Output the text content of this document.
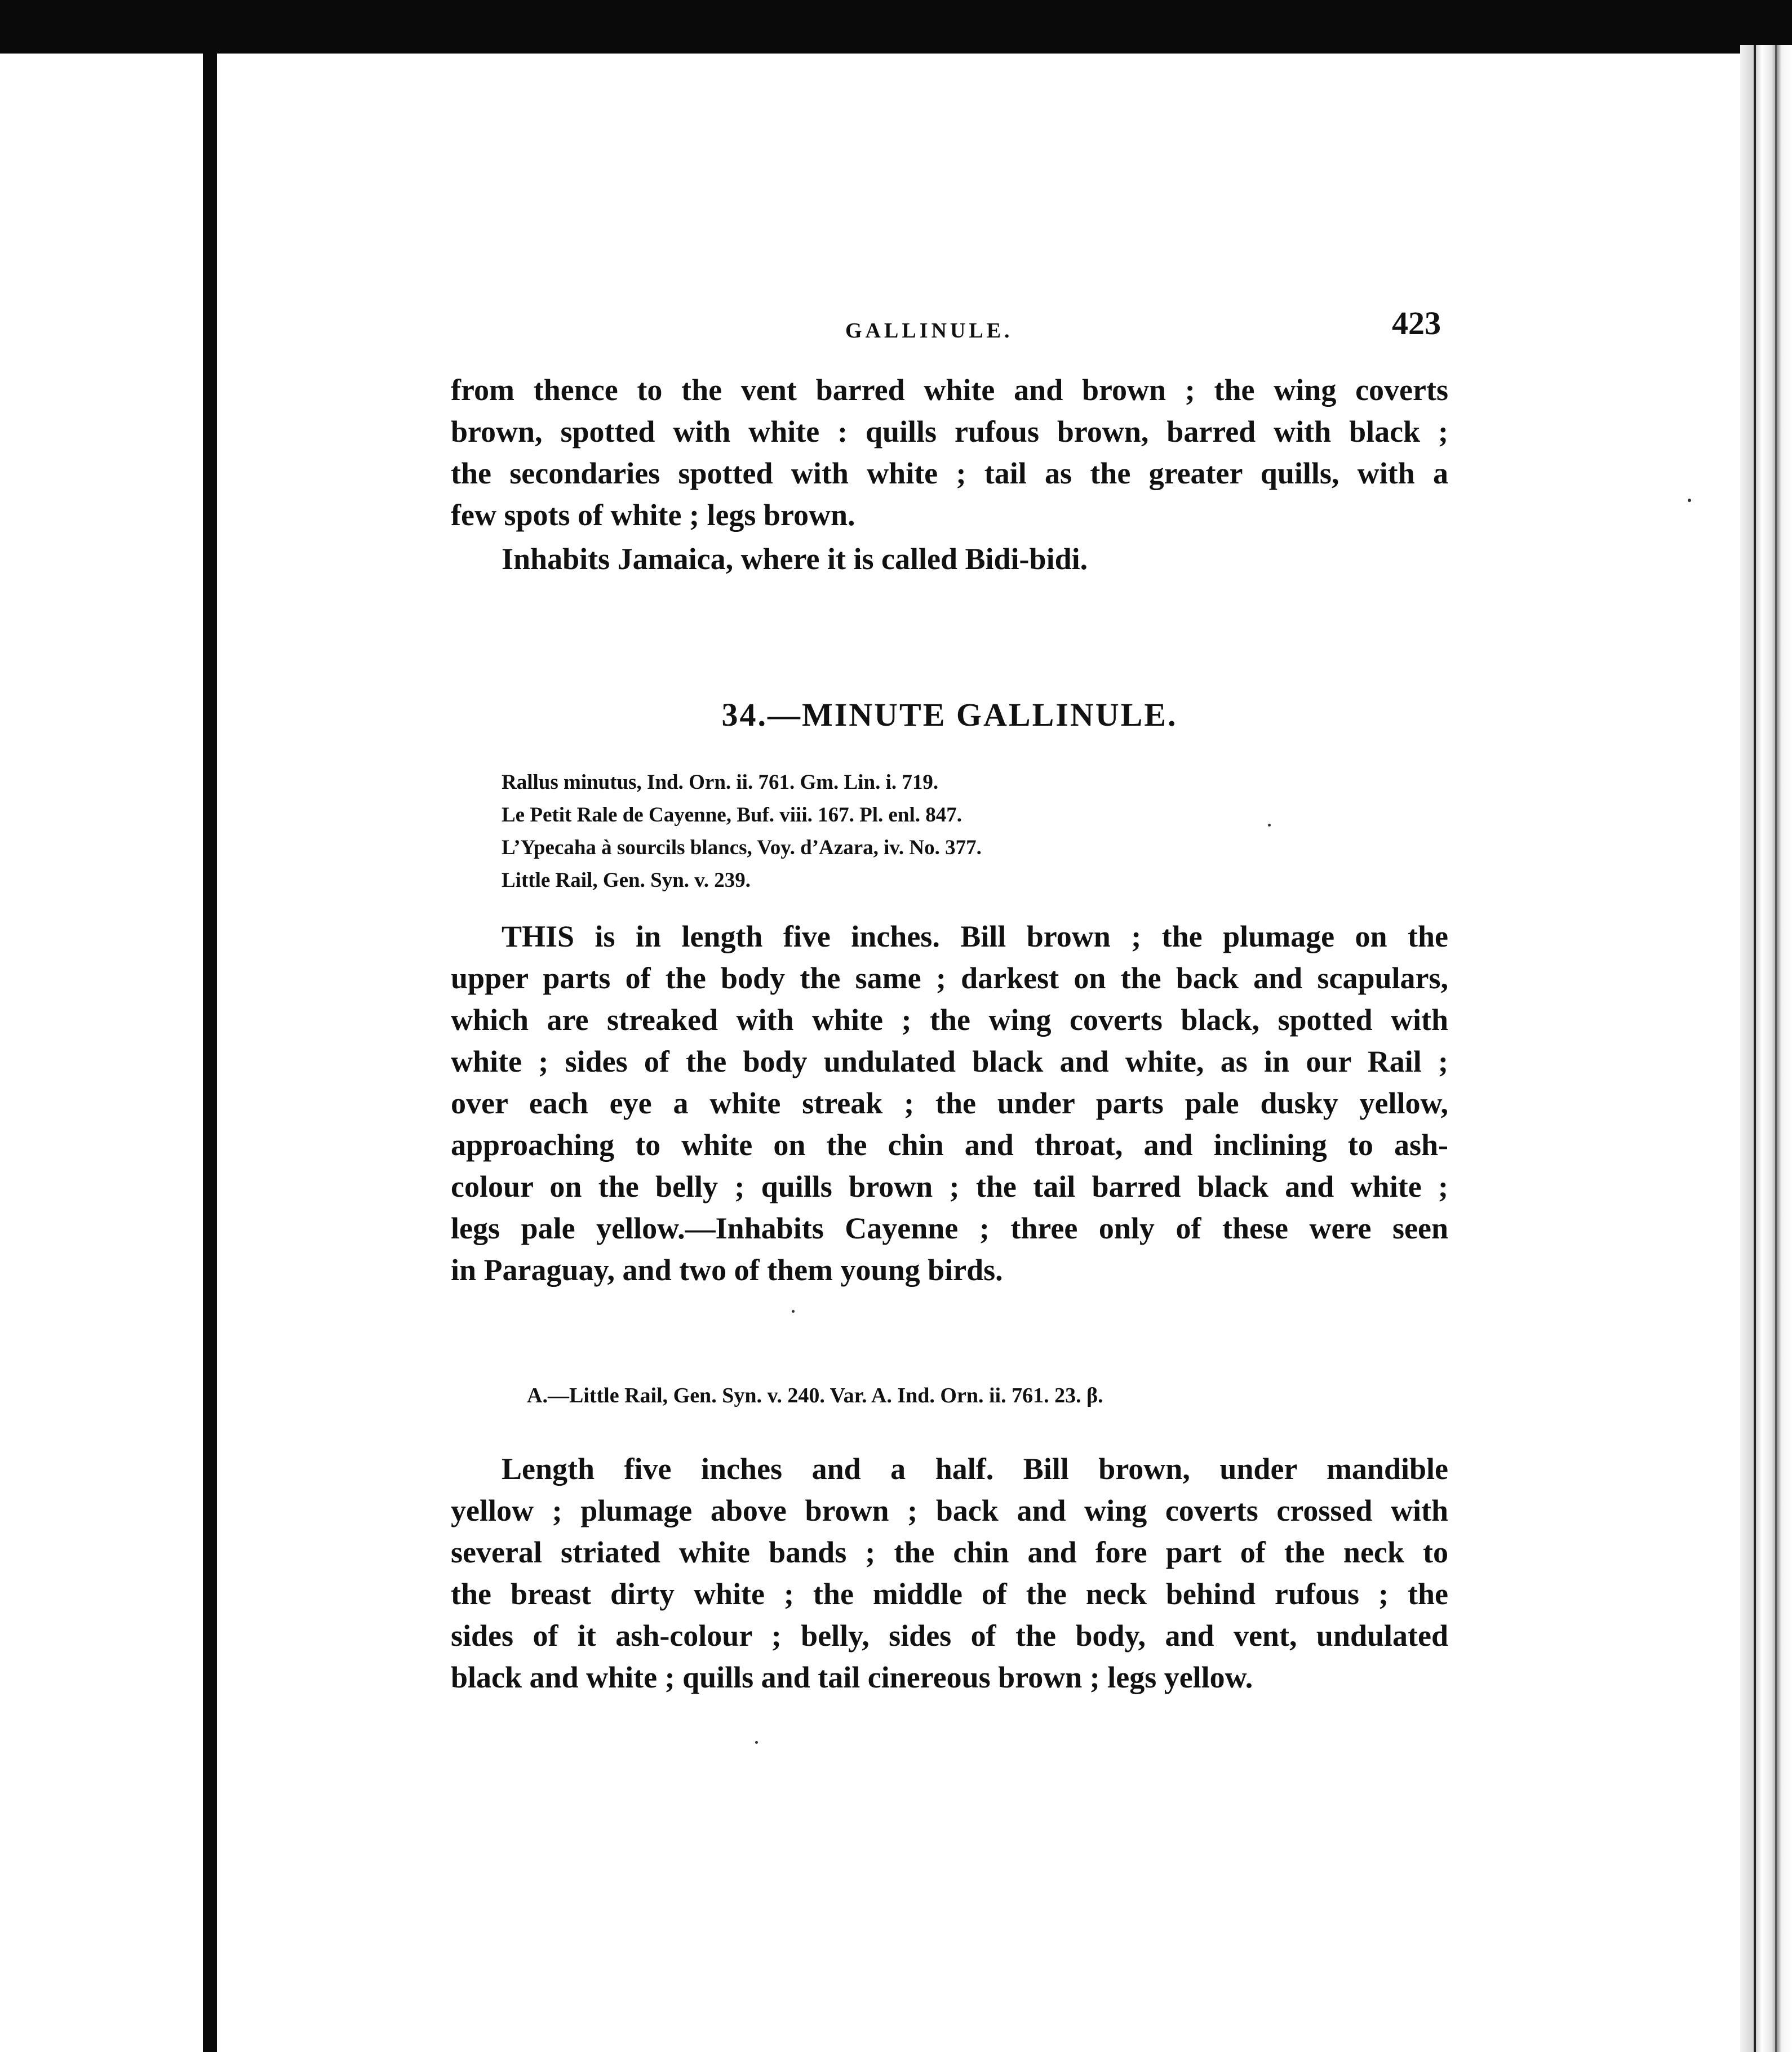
GALLINULE.	423
from thence to the vent barred white and brown ; the wing coverts
brown, spotted with white : quills rufous brown, barred with black ;
the secondaries spotted with white ; tail as the greater quills, with a
few spots of white ; legs brown.
Inhabits Jamaica, where it is called Bidi-bidi.
34.—MINUTE GALLINULE.
Rallus minutus, Ind. Orn. ii. 761. Gm. Lin. i. 719.
Le Petit Rale de Cayenne, Buf. viii. 167. Pl. enl. 847.
L’Ypecaha à sourcils blancs, Voy. d’Azara, iv. No. 377.
Little Rail, Gen. Syn. v. 239.
THIS is in length five inches. Bill brown ; the plumage on the
upper parts of the body the same ; darkest on the back and scapulars,
which are streaked with white ; the wing coverts black, spotted with
white ; sides of the body undulated black and white, as in our Rail ;
over each eye a white streak ; the under parts pale dusky yellow,
approaching to white on the chin and throat, and inclining to ash-
colour on the belly ; quills brown ; the tail barred black and white ;
legs pale yellow.—Inhabits Cayenne ; three only of these were seen
in Paraguay, and two of them young birds.
A.—Little Rail, Gen. Syn. v. 240. Var. A. Ind. Orn. ii. 761. 23. β.
Length five inches and a half. Bill brown, under mandible
yellow ; plumage above brown ; back and wing coverts crossed with
several striated white bands ; the chin and fore part of the neck to
the breast dirty white ; the middle of the neck behind rufous ; the
sides of it ash-colour ; belly, sides of the body, and vent, undulated
black and white ; quills and tail cinereous brown ; legs yellow.
